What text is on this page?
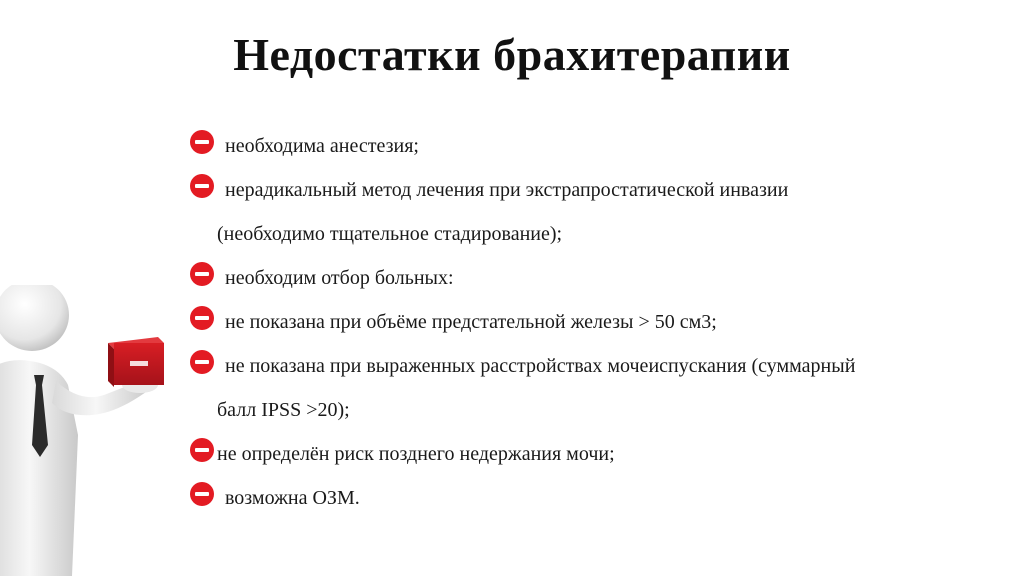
Недостатки брахитерапии
необходима анестезия;
нерадикальный метод лечения при экстрапростатической инвазии
(необходимо тщательное стадирование);
необходим отбор больных:
не показана при объёме предстательной железы > 50 см3;
не показана при выраженных расстройствах мочеиспускания (суммарный
балл IPSS >20);
не определён риск позднего недержания мочи;
возможна ОЗМ.
